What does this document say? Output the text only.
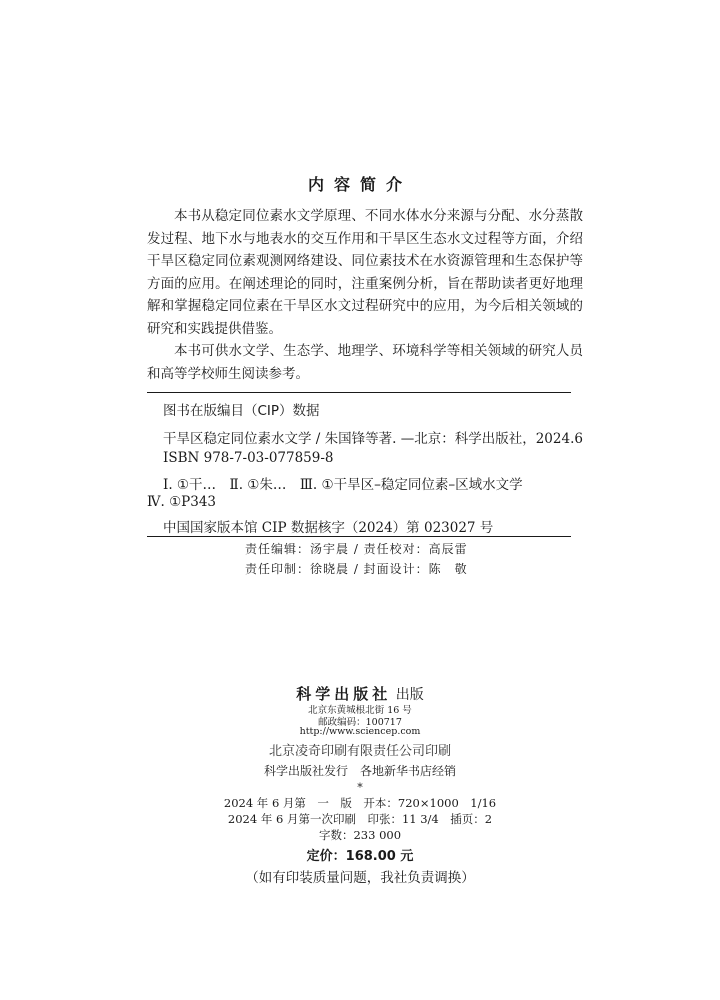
内容简介

本书从稳定同位素水文学原理、不同水体水分来源与分配、水分蒸散发过程、地下水与地表水的交互作用和干旱区生态水文过程等方面，介绍干旱区稳定同位素观测网络建设、同位素技术在水资源管理和生态保护等方面的应用。在阐述理论的同时，注重案例分析，旨在帮助读者更好地理解和掌握稳定同位素在干旱区水文过程研究中的应用，为今后相关领域的研究和实践提供借鉴。

本书可供水文学、生态学、地理学、环境科学等相关领域的研究人员和高等学校师生阅读参考。

图书在版编目（CIP）数据
干旱区稳定同位素水文学 / 朱国锋等著. —北京：科学出版社，2024.6
ISBN 978-7-03-077859-8
Ⅰ. ①干…　Ⅱ. ①朱…　Ⅲ. ①干旱区–稳定同位素–区域水文学
Ⅳ. ①P343
中国国家版本馆 CIP 数据核字（2024）第 023027 号
责任编辑：汤宇晨 / 责任校对：高辰雷
责任印制：徐晓晨 / 封面设计：陈　敬
科学出版社 出版
北京东黄城根北街 16 号
邮政编码：100717
http://www.sciencep.com
北京凌奇印刷有限责任公司印刷
科学出版社发行　各地新华书店经销
*
2024 年 6 月第　一　版　开本：720×1000　1/16
2024 年 6 月第一次印刷　印张：11 3/4　插页：2
字数：233 000
定价：168.00 元
（如有印装质量问题，我社负责调换）
